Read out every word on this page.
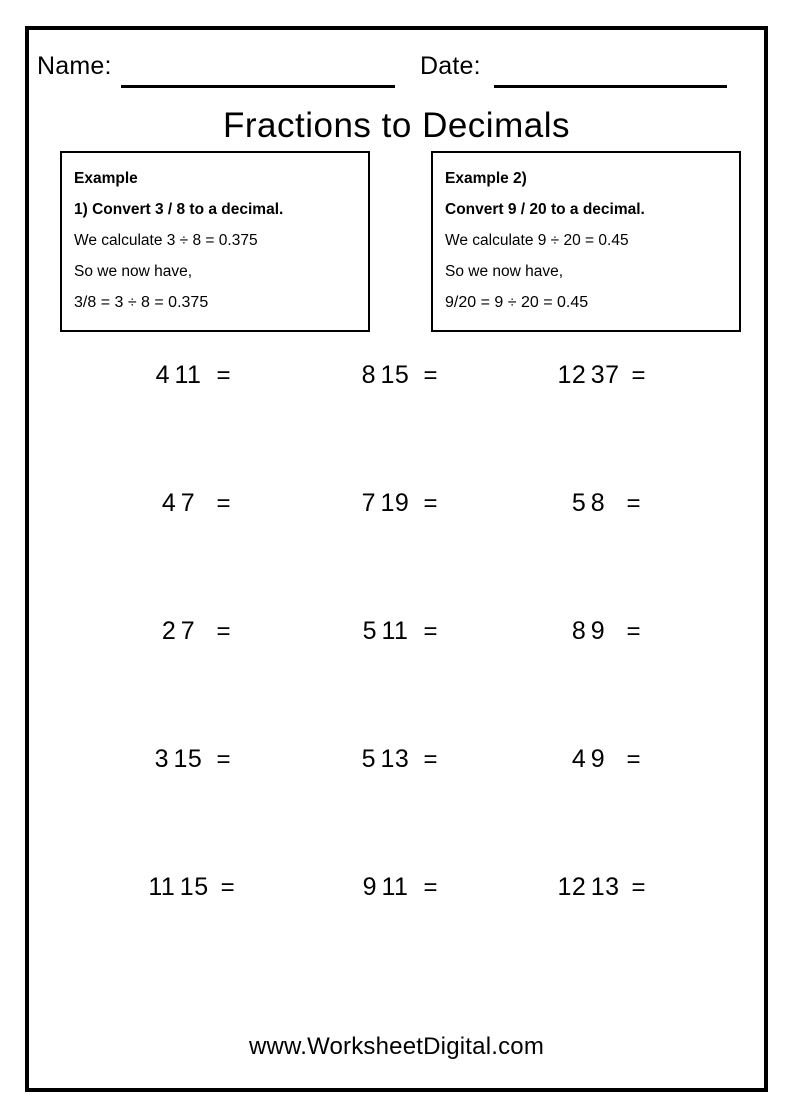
Name:	Date:
Fractions to Decimals
Example
1) Convert 3 / 8 to a decimal.
We calculate 3 ÷ 8 = 0.375
So we now have,
3/8 = 3 ÷ 8 = 0.375
Example 2)
Convert 9 / 20 to a decimal.
We calculate 9 ÷ 20 = 0.45
So we now have,
9/20 = 9 ÷ 20 = 0.45
4 11 =	8 15 =	12 37 =
4 7 =	7 19 =	5 8 =
2 7 =	5 11 =	8 9 =
3 15 =	5 13 =	4 9 =
11 15 =	9 11 =	12 13 =
www.WorksheetDigital.com
